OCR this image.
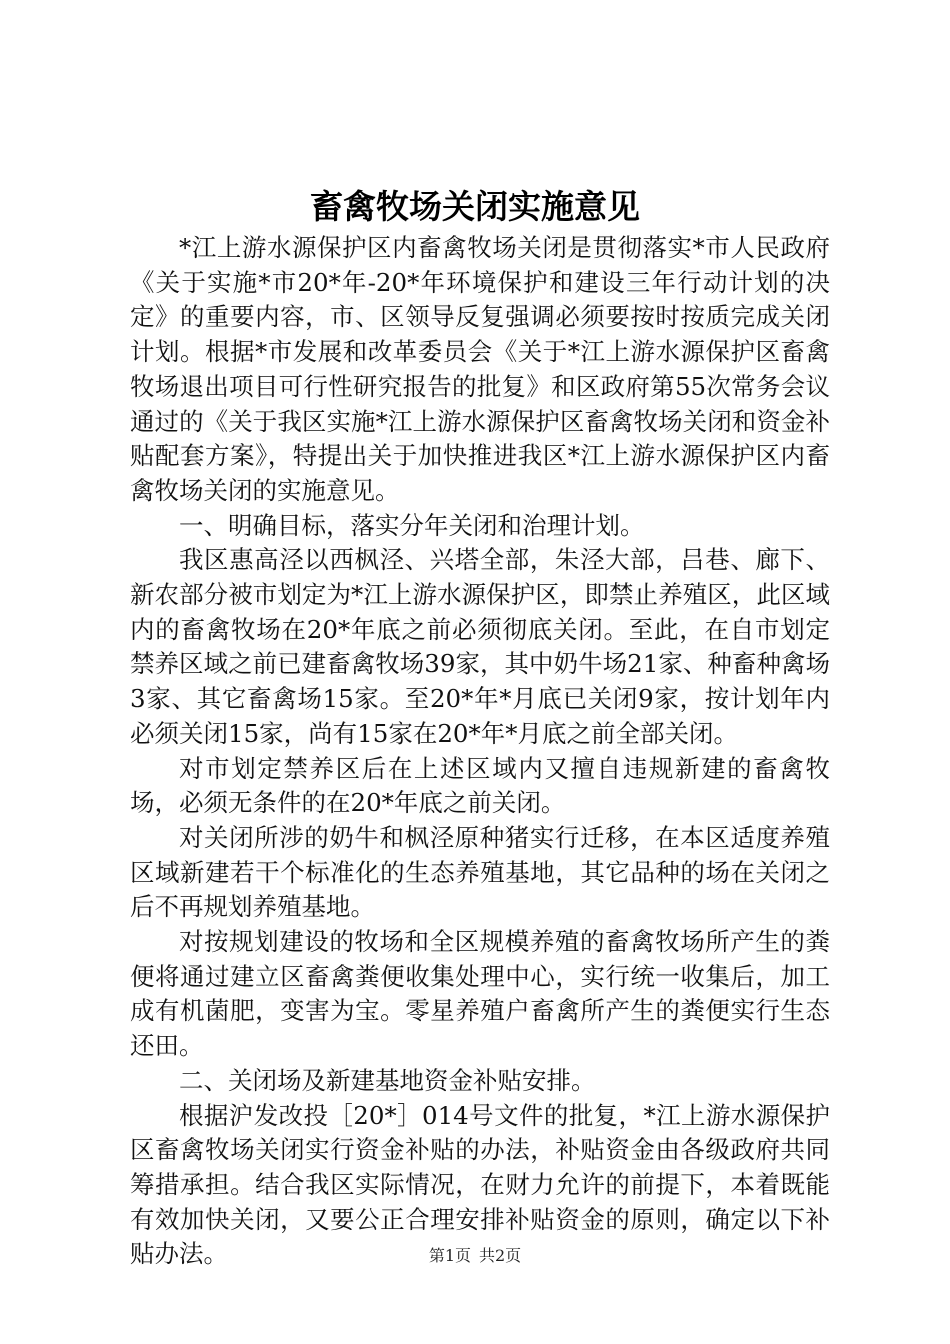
畜禽牧场关闭实施意见

*江上游水源保护区内畜禽牧场关闭是贯彻落实*市人民政府《关于实施*市20*年-20*年环境保护和建设三年行动计划的决定》的重要内容，市、区领导反复强调必须要按时按质完成关闭计划。根据*市发展和改革委员会《关于*江上游水源保护区畜禽牧场退出项目可行性研究报告的批复》和区政府第55次常务会议通过的《关于我区实施*江上游水源保护区畜禽牧场关闭和资金补贴配套方案》，特提出关于加快推进我区*江上游水源保护区内畜禽牧场关闭的实施意见。

一、明确目标，落实分年关闭和治理计划。

我区惠高泾以西枫泾、兴塔全部，朱泾大部，吕巷、廊下、新农部分被市划定为*江上游水源保护区，即禁止养殖区，此区域内的畜禽牧场在20*年底之前必须彻底关闭。至此，在自市划定禁养区域之前已建畜禽牧场39家，其中奶牛场21家、种畜种禽场3家、其它畜禽场15家。至20*年*月底已关闭9家，按计划年内必须关闭15家，尚有15家在20*年*月底之前全部关闭。

对市划定禁养区后在上述区域内又擅自违规新建的畜禽牧场，必须无条件的在20*年底之前关闭。

对关闭所涉的奶牛和枫泾原种猪实行迁移，在本区适度养殖区域新建若干个标准化的生态养殖基地，其它品种的场在关闭之后不再规划养殖基地。

对按规划建设的牧场和全区规模养殖的畜禽牧场所产生的粪便将通过建立区畜禽粪便收集处理中心，实行统一收集后，加工成有机菌肥，变害为宝。零星养殖户畜禽所产生的粪便实行生态还田。

二、关闭场及新建基地资金补贴安排。

根据沪发改投［20*］014号文件的批复，*江上游水源保护区畜禽牧场关闭实行资金补贴的办法，补贴资金由各级政府共同筹措承担。结合我区实际情况，在财力允许的前提下，本着既能有效加快关闭，又要公正合理安排补贴资金的原则，确定以下补贴办法。	第1页 共2页
